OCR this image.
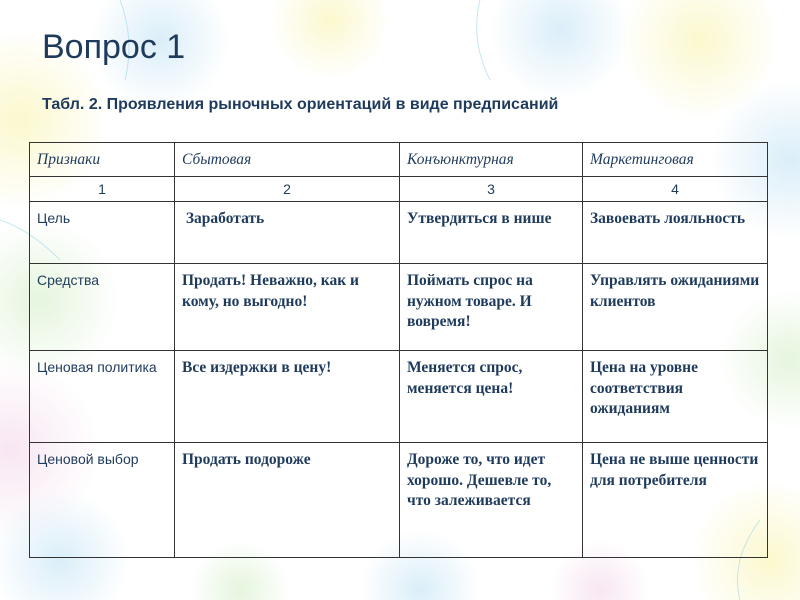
Вопрос 1
Табл. 2. Проявления рыночных ориентаций в виде предписаний
Признаки	Сбытовая	Конъюнктурная	Маркетинговая
1	2	3	4
Цель	Заработать	Утвердиться в нише	Завоевать лояльность
Средства	Продать! Неважно, как и кому, но выгодно!	Поймать спрос на нужном товаре. И вовремя!	Управлять ожиданиями клиентов
Ценовая политика	Все издержки в цену!	Меняется спрос, меняется цена!	Цена на уровне соответствия ожиданиям
Ценовой выбор	Продать подороже	Дороже то, что идет хорошо. Дешевле то, что залеживается	Цена не выше ценности для потребителя
